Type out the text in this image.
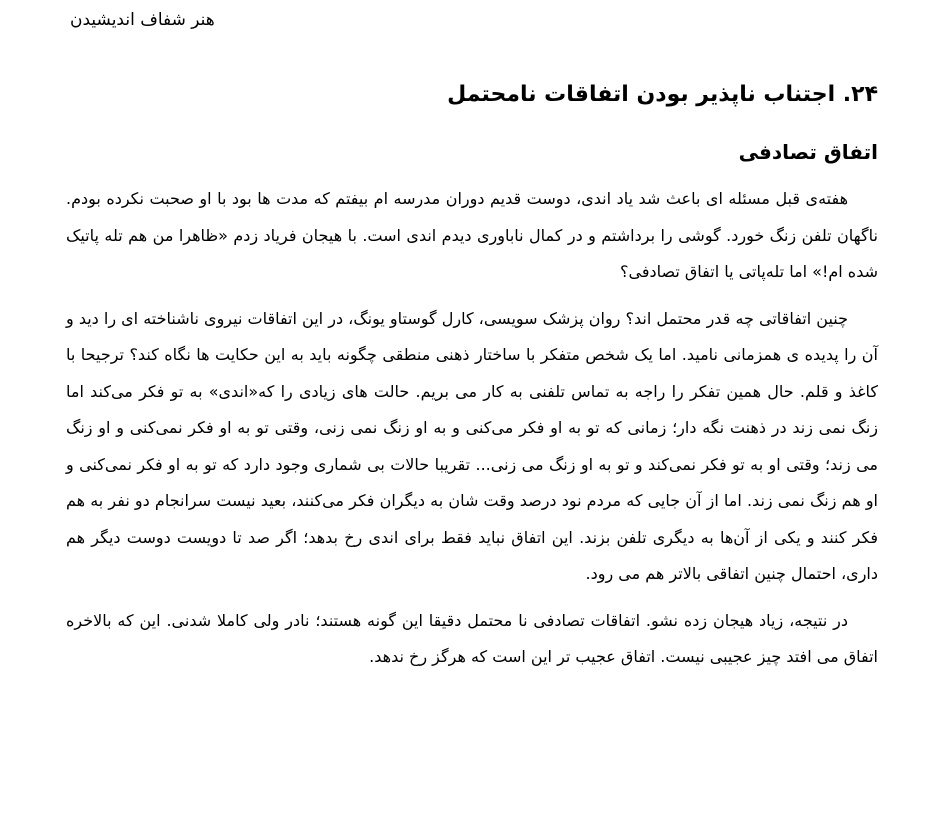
هنر شفاف اندیشیدن
۲۴. اجتناب ناپذیر بودن اتفاقات نامحتمل
اتفاق تصادفی

هفته‌ی قبل مسئله ای باعث شد یاد اندی، دوست قدیم دوران مدرسه ام بیفتم که مدت ها بود با او صحبت نکرده بودم. ناگهان تلفن زنگ خورد. گوشی را برداشتم و در کمال ناباوری دیدم اندی است. با هیجان فریاد زدم «ظاهرا من هم تله پاتیک شده ام!» اما تله‌پاتی یا اتفاق تصادفی؟

چنین اتفاقاتی چه قدر محتمل اند؟ روان پزشک سویسی، کارل گوستاو یونگ، در این اتفاقات نیروی ناشناخته ای را دید و آن را پدیده ی همزمانی نامید. اما یک شخص متفکر با ساختار ذهنی منطقی چگونه باید به این حکایت ها نگاه کند؟ ترجیحا با کاغذ و قلم. حال همین تفکر را راجه به تماس تلفنی به کار می بریم. حالت های زیادی را که«اندی» به تو فکر می‌کند اما زنگ نمی زند در ذهنت نگه دار؛ زمانی که تو به او فکر می‌کنی و به او زنگ نمی زنی، وقتی تو به او فکر نمی‌کنی و او زنگ می زند؛ وقتی او به تو فکر نمی‌کند و تو به او زنگ می زنی... تقریبا حالات بی شماری وجود دارد که تو به او فکر نمی‌کنی و او هم زنگ نمی زند. اما از آن جایی که مردم نود درصد وقت شان به دیگران فکر می‌کنند، بعید نیست سرانجام دو نفر به هم فکر کنند و یکی از آن‌ها به دیگری تلفن بزند. این اتفاق نباید فقط برای اندی رخ بدهد؛ اگر صد تا دویست دوست دیگر هم داری، احتمال چنین اتفاقی بالاتر هم می رود.

در نتیجه، زیاد هیجان زده نشو. اتفاقات تصادفی نا محتمل دقیقا این گونه هستند؛ نادر ولی کاملا شدنی. این که بالاخره اتفاق می افتد چیز عجیبی نیست. اتفاق عجیب تر این است که هرگز رخ ندهد.
